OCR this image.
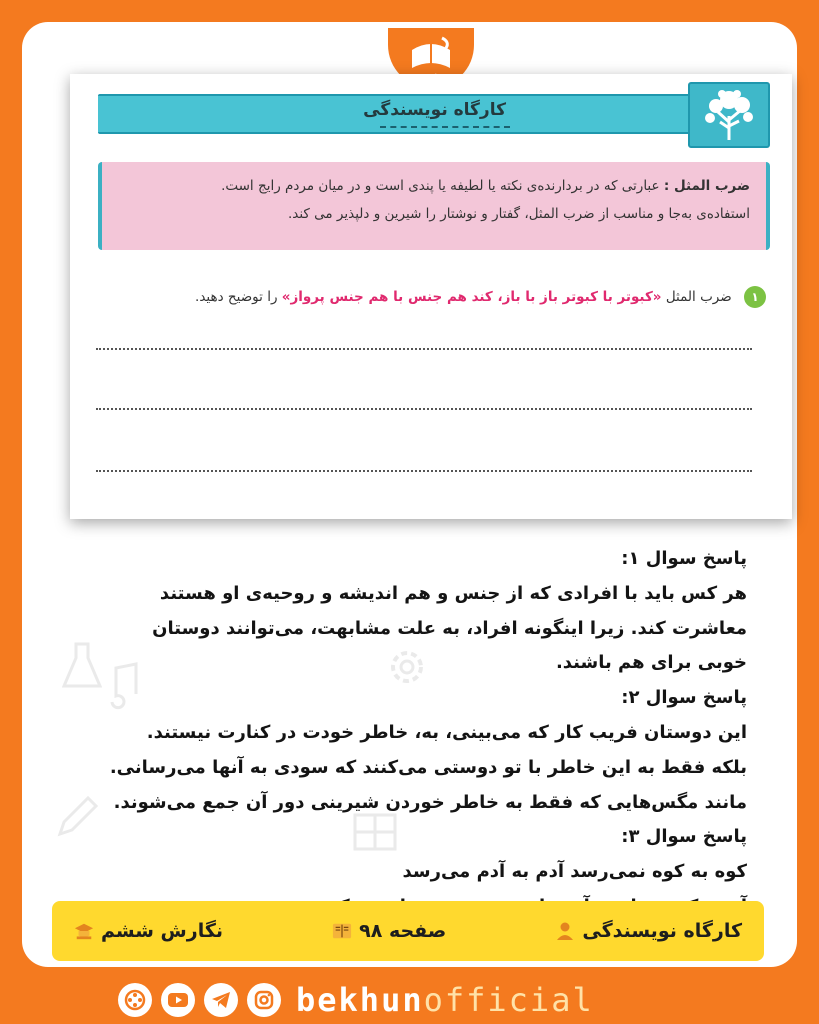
کارگاه نویسندگی

ضرب المثل : عبارتی که در بردارنده‌ی نکته یا لطیفه یا پندی است و در میان مردم رایج است.
استفاده‌ی به‌جا و مناسب از ضرب المثل، گفتار و نوشتار را شیرین و دلپذیر می کند.

۱ ضرب المثل «کبوتر با کبوتر باز با باز، کند هم جنس با هم جنس پرواز» را توضیح دهید.
پاسخ سوال ۱:
هر کس باید با افرادی که از جنس و هم اندیشه و روحیه‌ی او هستند
معاشرت کند. زیرا اینگونه افراد، به علت مشابهت، می‌توانند دوستان
خوبی برای هم باشند.
پاسخ سوال ۲:
این دوستان فریب کار که می‌بینی، به، خاطر خودت در کنارت نیستند.
بلکه فقط به این خاطر با تو دوستی می‌کنند که سودی به آنها می‌رسانی.
مانند مگس‌هایی که فقط به خاطر خوردن شیرینی دور آن جمع می‌شوند.
پاسخ سوال ۳:
کوه به کوه نمی‌رسد آدم به آدم می‌رسد
کارگاه نویسندگی
صفحه ۹۸
نگارش ششم
bekhunofficial
